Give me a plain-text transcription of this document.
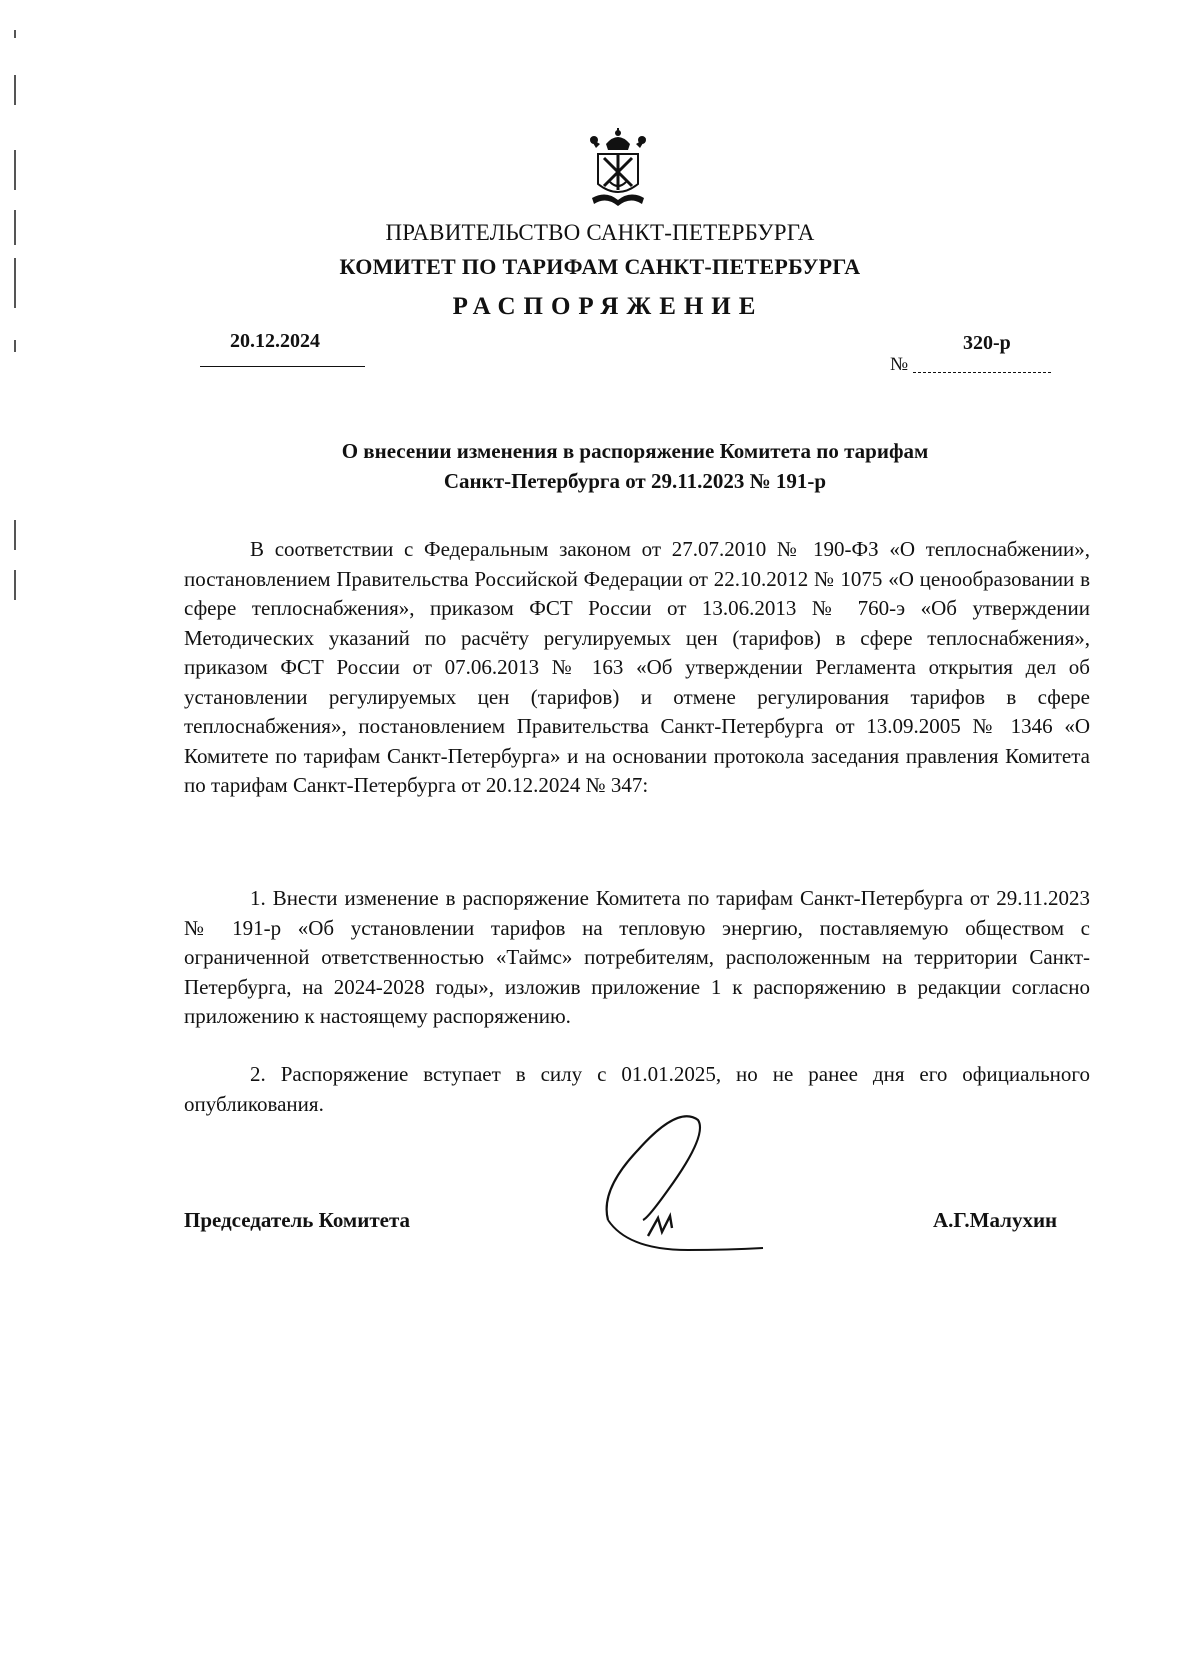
ПРАВИТЕЛЬСТВО САНКТ-ПЕТЕРБУРГА
КОМИТЕТ ПО ТАРИФАМ САНКТ-ПЕТЕРБУРГА
РАСПОРЯЖЕНИЕ
20.12.2024
№
320-р
О внесении изменения в распоряжение Комитета по тарифам
Санкт-Петербурга от 29.11.2023 № 191-р

В соответствии с Федеральным законом от 27.07.2010 № 190-ФЗ «О теплоснабжении», постановлением Правительства Российской Федерации от 22.10.2012 № 1075 «О ценообразовании в сфере теплоснабжения», приказом ФСТ России от 13.06.2013 № 760-э «Об утверждении Методических указаний по расчёту регулируемых цен (тарифов) в сфере теплоснабжения», приказом ФСТ России от 07.06.2013 № 163 «Об утверждении Регламента открытия дел об установлении регулируемых цен (тарифов) и отмене регулирования тарифов в сфере теплоснабжения», постановлением Правительства Санкт-Петербурга от 13.09.2005 № 1346 «О Комитете по тарифам Санкт-Петербурга» и на основании протокола заседания правления Комитета по тарифам Санкт-Петербурга от 20.12.2024 № 347:

1. Внести изменение в распоряжение Комитета по тарифам Санкт-Петербурга от 29.11.2023 № 191-р «Об установлении тарифов на тепловую энергию, поставляемую обществом с ограниченной ответственностью «Таймс» потребителям, расположенным на территории Санкт-Петербурга, на 2024-2028 годы», изложив приложение 1 к распоряжению в редакции согласно приложению к настоящему распоряжению.

2. Распоряжение вступает в силу с 01.01.2025, но не ранее дня его официального опубликования.

Председатель Комитета	А.Г.Малухин
